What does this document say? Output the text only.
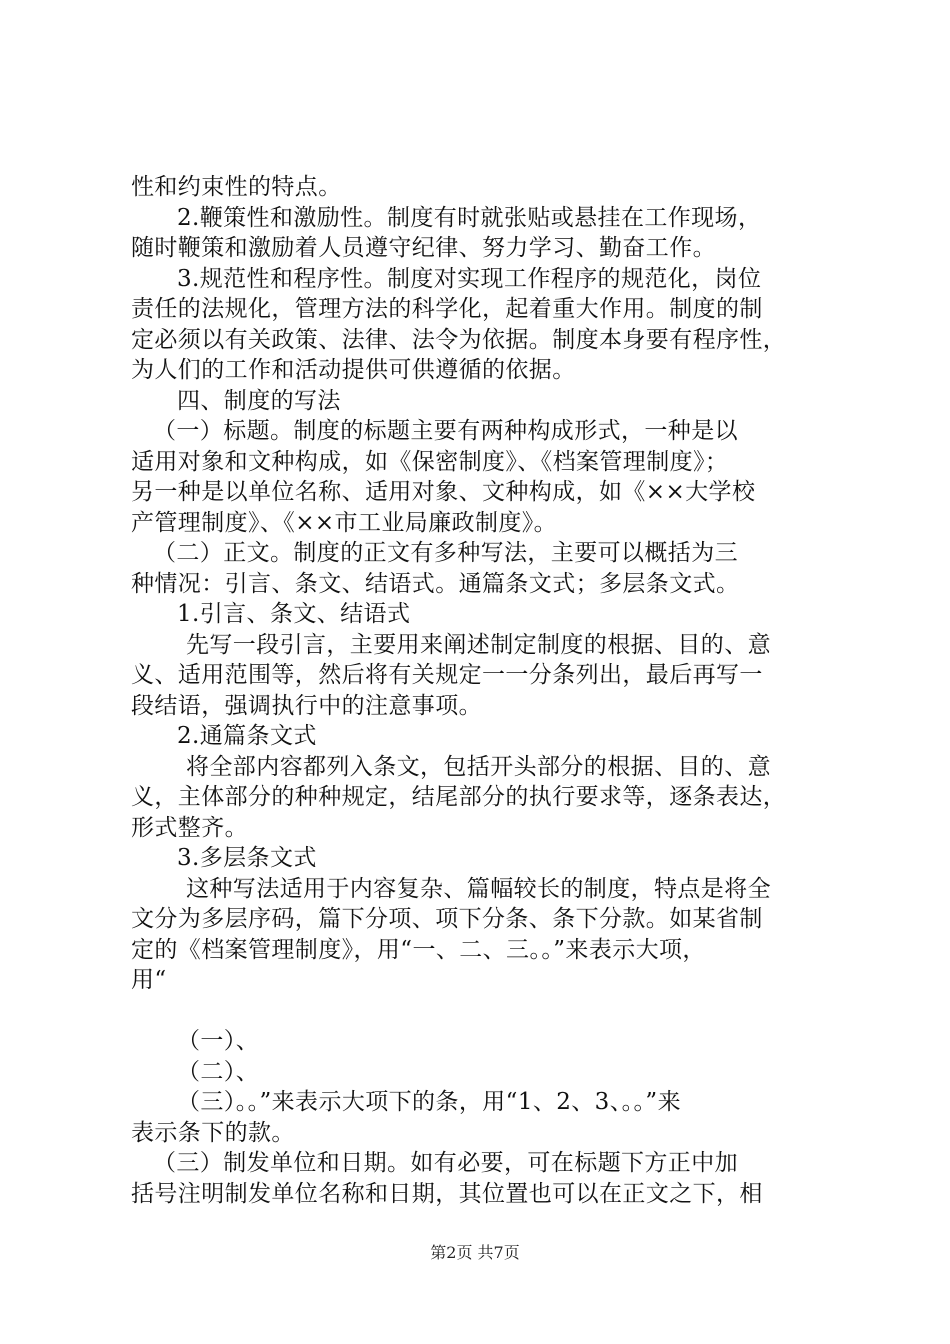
性和约束性的特点。
2.鞭策性和激励性。制度有时就张贴或悬挂在工作现场，
随时鞭策和激励着人员遵守纪律、努力学习、勤奋工作。
3.规范性和程序性。制度对实现工作程序的规范化，岗位
责任的法规化，管理方法的科学化，起着重大作用。制度的制
定必须以有关政策、法律、法令为依据。制度本身要有程序性，
为人们的工作和活动提供可供遵循的依据。
四、制度的写法
（一）标题。制度的标题主要有两种构成形式，一种是以
适用对象和文种构成，如《保密制度》、《档案管理制度》；
另一种是以单位名称、适用对象、文种构成，如《××大学校
产管理制度》、《××市工业局廉政制度》。
（二）正文。制度的正文有多种写法，主要可以概括为三
种情况：引言、条文、结语式。通篇条文式；多层条文式。
1.引言、条文、结语式
先写一段引言，主要用来阐述制定制度的根据、目的、意
义、适用范围等，然后将有关规定一一分条列出，最后再写一
段结语，强调执行中的注意事项。
2.通篇条文式
将全部内容都列入条文，包括开头部分的根据、目的、意
义，主体部分的种种规定，结尾部分的执行要求等，逐条表达，
形式整齐。
3.多层条文式
这种写法适用于内容复杂、篇幅较长的制度，特点是将全
文分为多层序码，篇下分项、项下分条、条下分款。如某省制
定的《档案管理制度》，用“一、二、三。。”来表示大项，
用“
（一）、
（二）、
（三）。。”来表示大项下的条，用“1、2、3、。。”来
表示条下的款。
（三）制发单位和日期。如有必要，可在标题下方正中加
括号注明制发单位名称和日期，其位置也可以在正文之下，相
第2页 共7页
